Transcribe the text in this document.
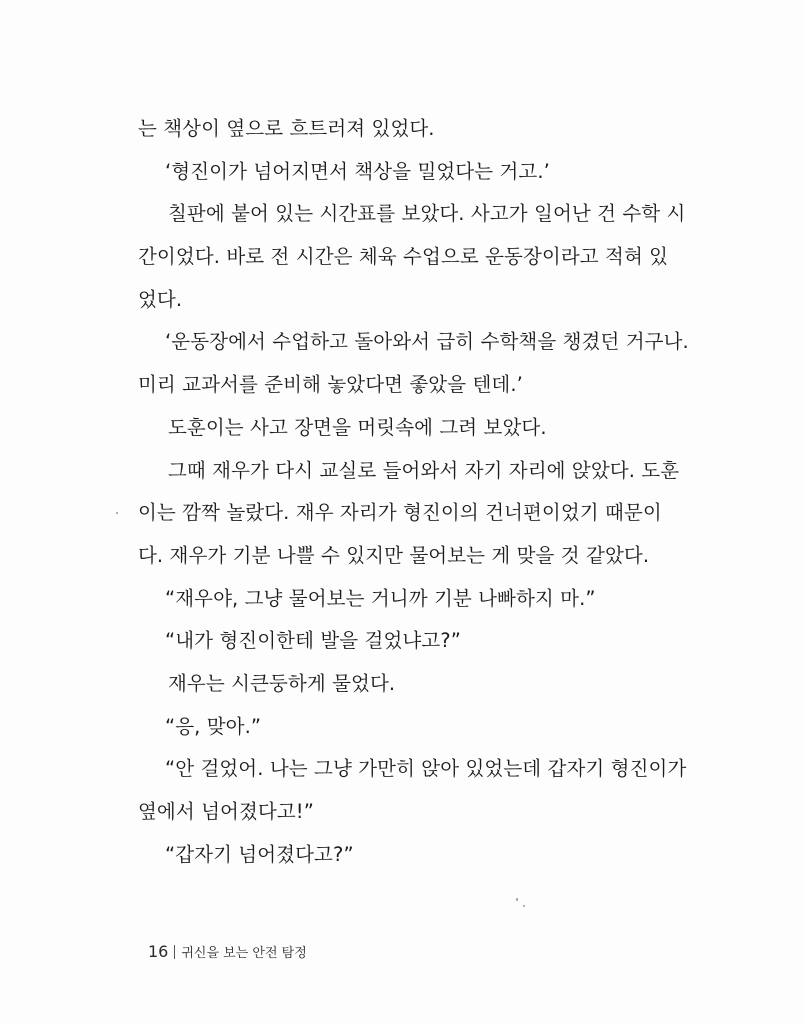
는 책상이 옆으로 흐트러져 있었다.
‘형진이가 넘어지면서 책상을 밀었다는 거고.’
칠판에 붙어 있는 시간표를 보았다. 사고가 일어난 건 수학 시
간이었다. 바로 전 시간은 체육 수업으로 운동장이라고 적혀 있
었다.
‘운동장에서 수업하고 돌아와서 급히 수학책을 챙겼던 거구나.
미리 교과서를 준비해 놓았다면 좋았을 텐데.’
도훈이는 사고 장면을 머릿속에 그려 보았다.
그때 재우가 다시 교실로 들어와서 자기 자리에 앉았다. 도훈
이는 깜짝 놀랐다. 재우 자리가 형진이의 건너편이었기 때문이
다. 재우가 기분 나쁠 수 있지만 물어보는 게 맞을 것 같았다.
“재우야, 그냥 물어보는 거니까 기분 나빠하지 마.”
“내가 형진이한테 발을 걸었냐고?”
재우는 시큰둥하게 물었다.
“응, 맞아.”
“안 걸었어. 나는 그냥 가만히 앉아 있었는데 갑자기 형진이가
옆에서 넘어졌다고!”
“갑자기 넘어졌다고?”
16 귀신을 보는 안전 탐정
